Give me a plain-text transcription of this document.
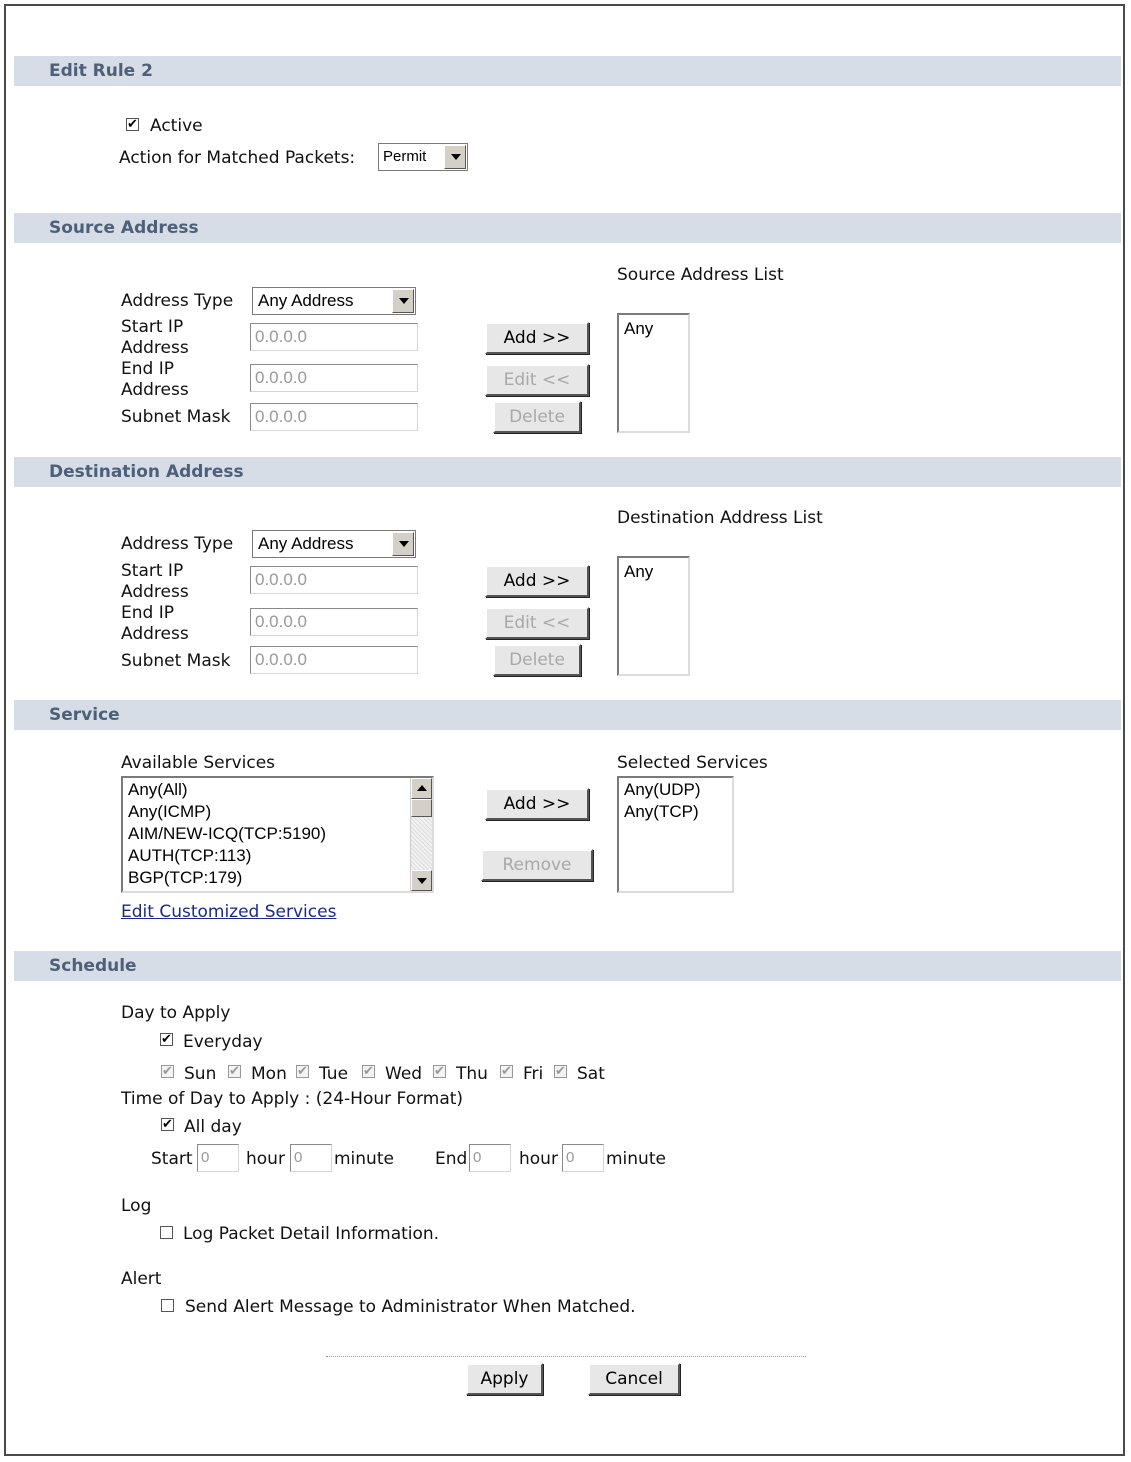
Edit Rule 2
✔
Active
Action for Matched Packets:	Permit
Source Address
Source Address List
Address Type	Any Address
Start IP
Address
0.0.0.0
End IP
Address
0.0.0.0
Subnet Mask 0.0.0.0
Add >>
Edit <<
Delete
Any
Destination Address
Destination Address List
Address Type	Any Address
Start IP
Address
0.0.0.0
End IP
Address
0.0.0.0
Subnet Mask 0.0.0.0
Add >>
Edit <<
Delete
Any
Service
Available Services
Any(All)
Any(ICMP)
AIM/NEW-ICQ(TCP:5190)
AUTH(TCP:113)
BGP(TCP:179)
Add >>
Remove
Selected Services
Any(UDP)
Any(TCP)
Edit Customized Services
Schedule
Day to Apply
✔
Everyday
✔
Sun ✔ Mon ✔ Tue ✔ Wed ✔ Thu ✔ Fri ✔ Sat
Time of Day to Apply : (24-Hour Format)
✔
All day
Start 0	hour 0	minute End 0	hour 0	minute
Log
Log Packet Detail Information.
Alert
Send Alert Message to Administrator When Matched.
Apply	Cancel
